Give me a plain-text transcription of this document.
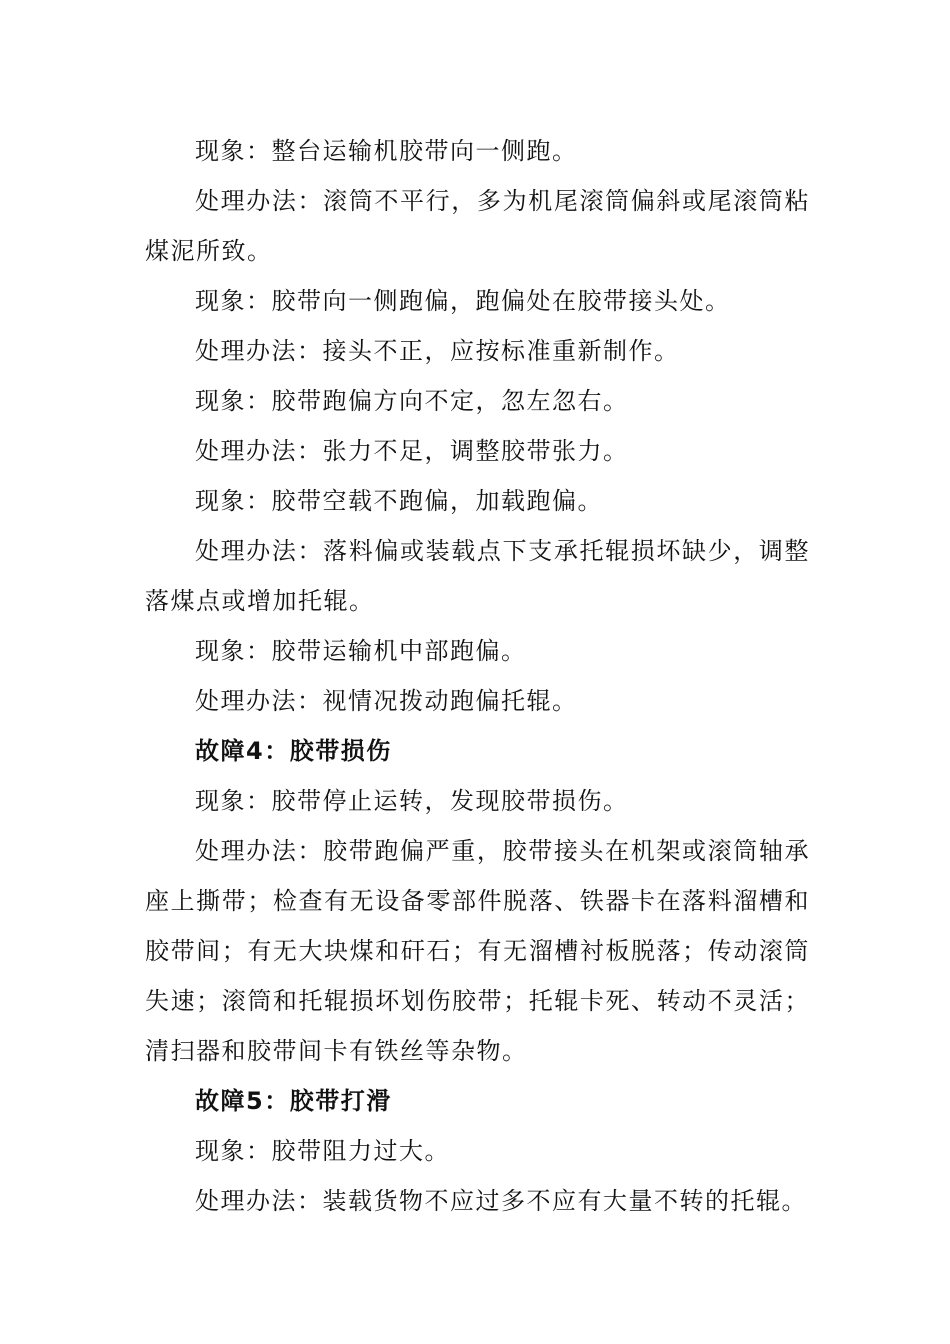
现象：整台运输机胶带向一侧跑。

处理办法：滚筒不平行，多为机尾滚筒偏斜或尾滚筒粘煤泥所致。

现象：胶带向一侧跑偏，跑偏处在胶带接头处。

处理办法：接头不正，应按标准重新制作。

现象：胶带跑偏方向不定，忽左忽右。

处理办法：张力不足，调整胶带张力。

现象：胶带空载不跑偏，加载跑偏。

处理办法：落料偏或装载点下支承托辊损坏缺少，调整落煤点或增加托辊。

现象：胶带运输机中部跑偏。

处理办法：视情况拨动跑偏托辊。

故障4：胶带损伤

现象：胶带停止运转，发现胶带损伤。

处理办法：胶带跑偏严重，胶带接头在机架或滚筒轴承座上撕带；检查有无设备零部件脱落、铁器卡在落料溜槽和胶带间；有无大块煤和矸石；有无溜槽衬板脱落；传动滚筒失速；滚筒和托辊损坏划伤胶带；托辊卡死、转动不灵活；清扫器和胶带间卡有铁丝等杂物。

故障5：胶带打滑

现象：胶带阻力过大。

处理办法：装载货物不应过多不应有大量不转的托辊。
